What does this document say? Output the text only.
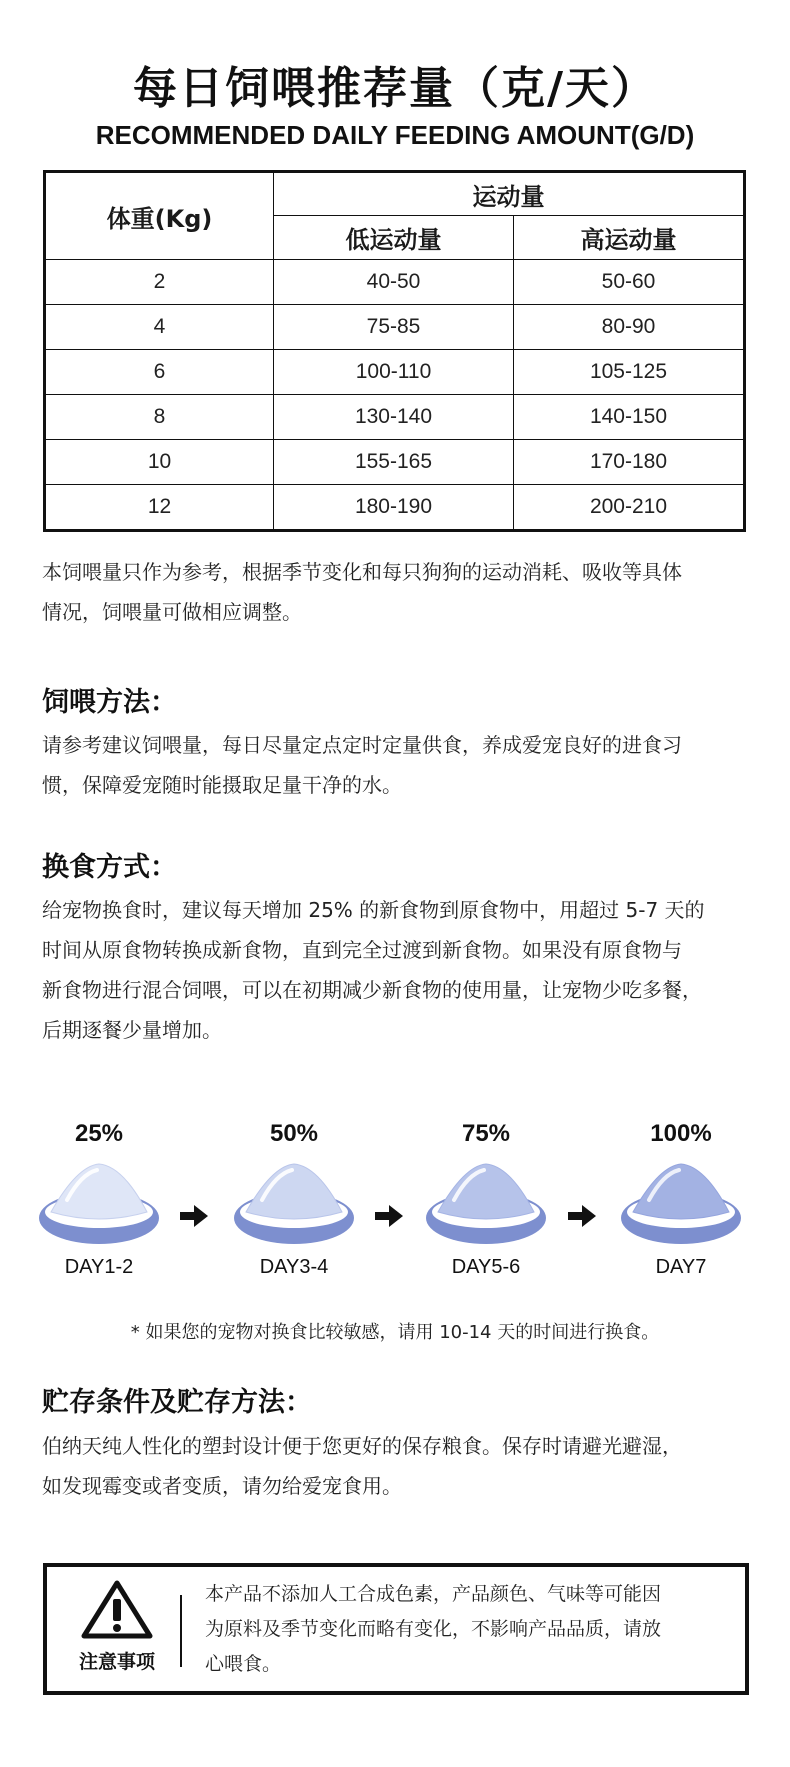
每日饲喂推荐量（克/天）
RECOMMENDED DAILY FEEDING AMOUNT(G/D)
体重(Kg)	运动量	
	低运动量	高运动量
2	40-50	50-60
4	75-85	80-90
6	100-110	105-125
8	130-140	140-150
10	155-165	170-180
12	180-190	200-210
本饲喂量只作为参考，根据季节变化和每只狗狗的运动消耗、吸收等具体
情况，饲喂量可做相应调整。
饲喂方法：
请参考建议饲喂量，每日尽量定点定时定量供食，养成爱宠良好的进食习
惯，保障爱宠随时能摄取足量干净的水。
换食方式：
给宠物换食时，建议每天增加 25% 的新食物到原食物中，用超过 5-7 天的
时间从原食物转换成新食物，直到完全过渡到新食物。如果没有原食物与
新食物进行混合饲喂，可以在初期减少新食物的使用量，让宠物少吃多餐，
后期逐餐少量增加。
25%
DAY1-2
50%
DAY3-4
75%
DAY5-6
100%
DAY7
* 如果您的宠物对换食比较敏感，请用 10-14 天的时间进行换食。
贮存条件及贮存方法：
伯纳天纯人性化的塑封设计便于您更好的保存粮食。保存时请避光避湿，
如发现霉变或者变质，请勿给爱宠食用。
注意事项
本产品不添加人工合成色素，产品颜色、气味等可能因
为原料及季节变化而略有变化，不影响产品品质，请放
心喂食。
